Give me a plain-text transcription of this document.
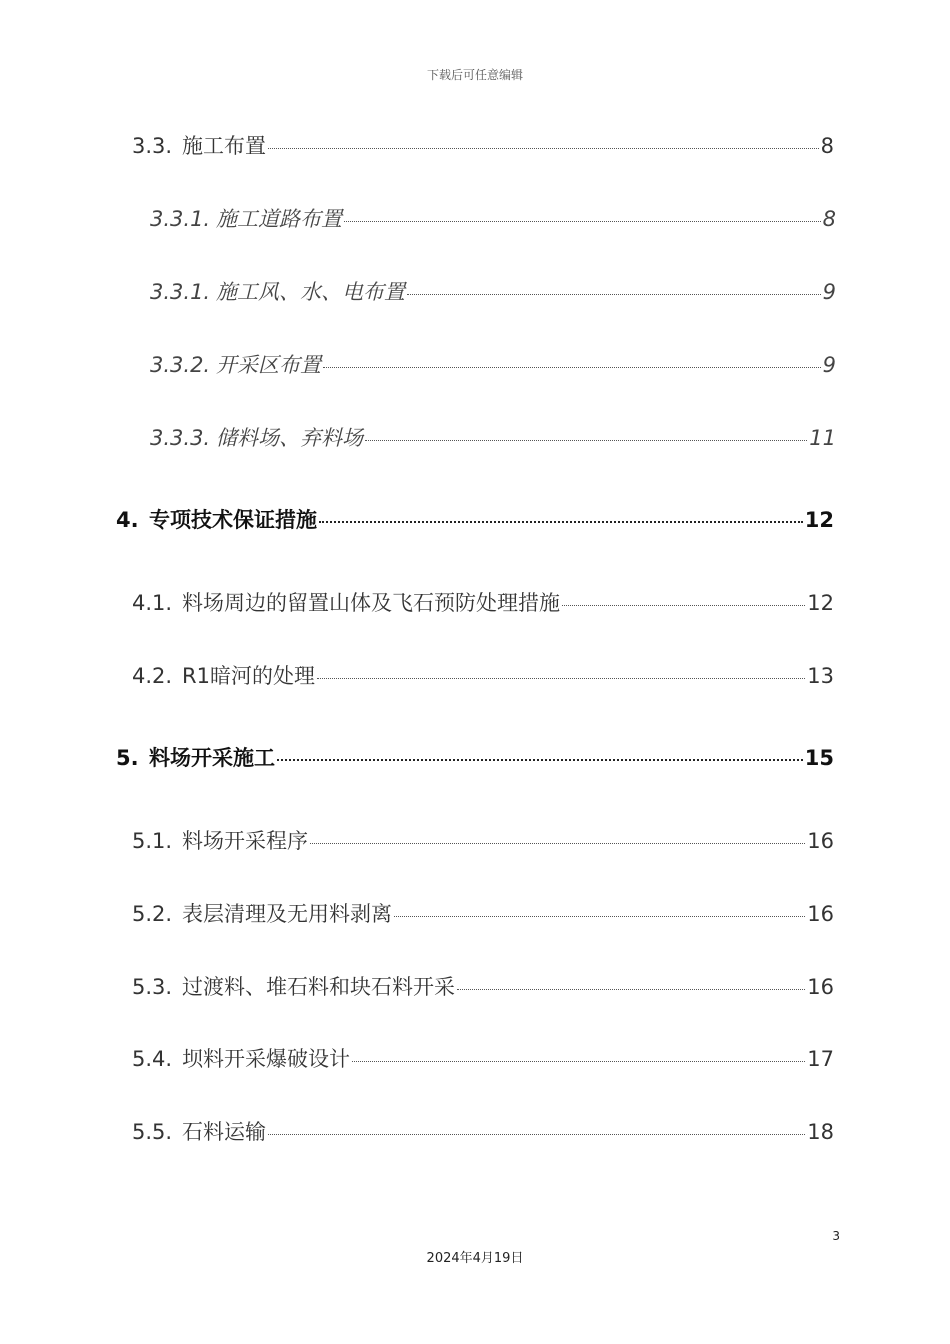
下载后可任意编辑
3.3. 施工布置	8
3.3.1. 施工道路布置	8
3.3.1. 施工风、水、电布置	9
3.3.2. 开采区布置	9
3.3.3. 储料场、弃料场	11
4. 专项技术保证措施	12
4.1. 料场周边的留置山体及飞石预防处理措施	12
4.2. R1暗河的处理	13
5. 料场开采施工	15
5.1. 料场开采程序	16
5.2. 表层清理及无用料剥离	16
5.3. 过渡料、堆石料和块石料开采	16
5.4. 坝料开采爆破设计	17
5.5. 石料运输	18
3
2024年4月19日
